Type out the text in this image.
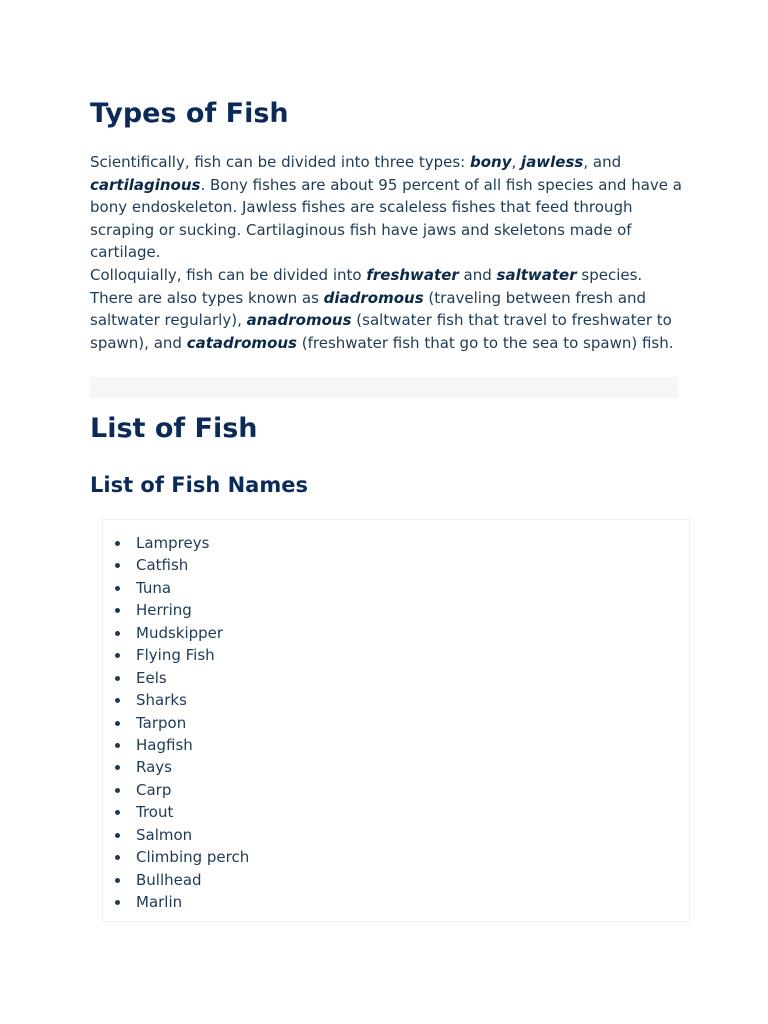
Types of Fish

Scientifically, fish can be divided into three types: bony, jawless, and cartilaginous. Bony fishes are about 95 percent of all fish species and have a bony endoskeleton. Jawless fishes are scaleless fishes that feed through scraping or sucking. Cartilaginous fish have jaws and skeletons made of cartilage.

Colloquially, fish can be divided into freshwater and saltwater species. There are also types known as diadromous (traveling between fresh and saltwater regularly), anadromous (saltwater fish that travel to freshwater to spawn), and catadromous (freshwater fish that go to the sea to spawn) fish.

List of Fish
List of Fish Names
Lampreys
Catfish
Tuna
Herring
Mudskipper
Flying Fish
Eels
Sharks
Tarpon
Hagfish
Rays
Carp
Trout
Salmon
Climbing perch
Bullhead
Marlin
